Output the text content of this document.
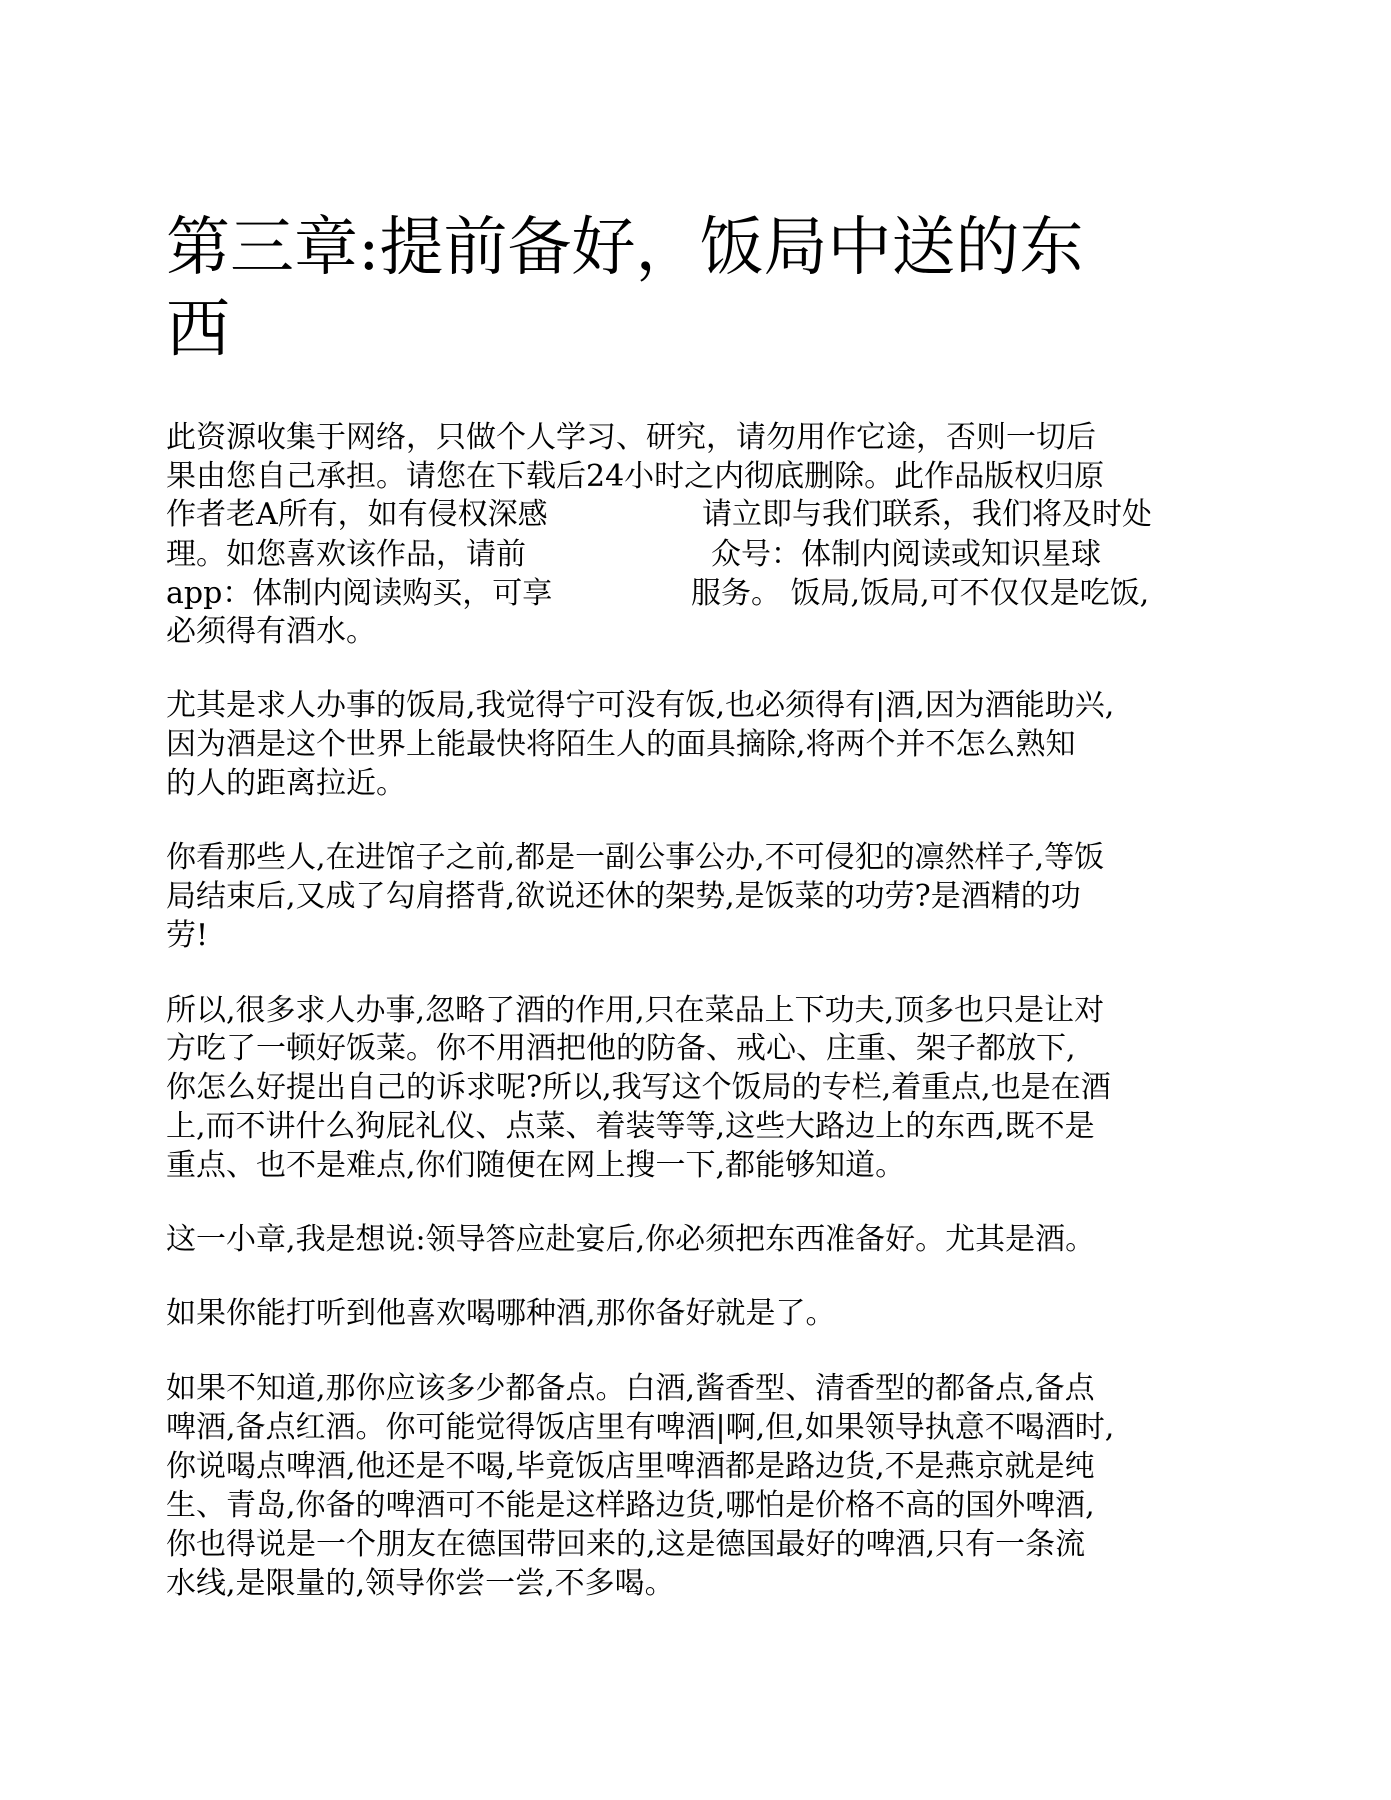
第三章:提前备好，饭局中送的东
西
此资源收集于网络，只做个人学习、研究，请勿用作它途，否则一切后
果由您自己承担。请您在下载后24小时之内彻底删除。此作品版权归原
作者老A所有，如有侵权深感	请立即与我们联系，我们将及时处
理。如您喜欢该作品，请前	众号：体制内阅读或知识星球
app：体制内阅读购买，可享	服务。 饭局,饭局,可不仅仅是吃饭,
必须得有酒水。
尤其是求人办事的饭局,我觉得宁可没有饭,也必须得有|酒,因为酒能助兴,
因为酒是这个世界上能最快将陌生人的面具摘除,将两个并不怎么熟知
的人的距离拉近。
你看那些人,在进馆子之前,都是一副公事公办,不可侵犯的凛然样子,等饭
局结束后,又成了勾肩搭背,欲说还休的架势,是饭菜的功劳?是酒精的功
劳!
所以,很多求人办事,忽略了酒的作用,只在菜品上下功夫,顶多也只是让对
方吃了一顿好饭菜。你不用酒把他的防备、戒心、庄重、架子都放下,
你怎么好提出自己的诉求呢?所以,我写这个饭局的专栏,着重点,也是在酒
上,而不讲什么狗屁礼仪、点菜、着装等等,这些大路边上的东西,既不是
重点、也不是难点,你们随便在网上搜一下,都能够知道。
这一小章,我是想说:领导答应赴宴后,你必须把东西准备好。尤其是酒。
如果你能打听到他喜欢喝哪种酒,那你备好就是了。
如果不知道,那你应该多少都备点。白酒,酱香型、清香型的都备点,备点
啤酒,备点红酒。你可能觉得饭店里有啤酒|啊,但,如果领导执意不喝酒时,
你说喝点啤酒,他还是不喝,毕竟饭店里啤酒都是路边货,不是燕京就是纯
生、青岛,你备的啤酒可不能是这样路边货,哪怕是价格不高的国外啤酒,
你也得说是一个朋友在德国带回来的,这是德国最好的啤酒,只有一条流
水线,是限量的,领导你尝一尝,不多喝。
